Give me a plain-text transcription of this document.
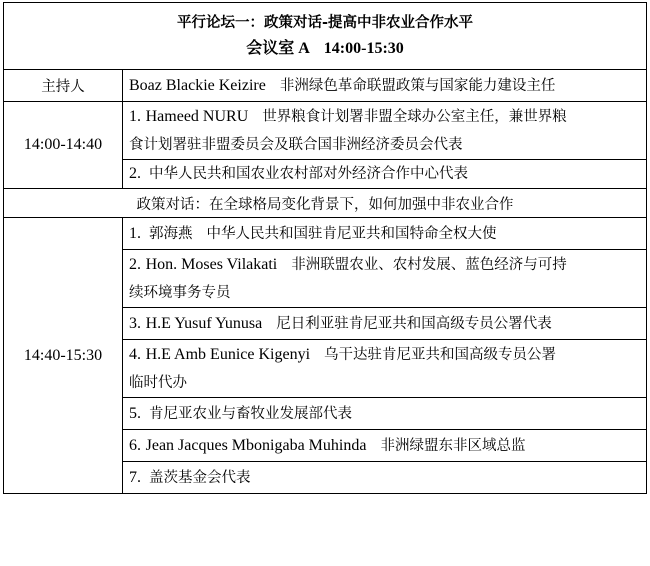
平行论坛一：政策对话-提高中非农业合作水平
会议室 A 14:00-15:30	

主持人	Boaz Blackie Keizire 非洲绿色革命联盟政策与国家能力建设主任
14:00-14:40	1. Hameed NURU 世界粮食计划署非盟全球办公室主任，兼世界粮
食计划署驻非盟委员会及联合国非洲经济委员会代表

	2. 中华人民共和国农业农村部对外经济合作中心代表
政策对话：在全球格局变化背景下，如何加强中非农业合作	
14:40-15:30	1. 郭海燕 中华人民共和国驻肯尼亚共和国特命全权大使

	2. Hon. Moses Vilakati 非洲联盟农业、农村发展、蓝色经济与可持
续环境事务专员

	3. H.E Yusuf Yunusa 尼日利亚驻肯尼亚共和国高级专员公署代表

	4. H.E Amb Eunice Kigenyi 乌干达驻肯尼亚共和国高级专员公署
临时代办

	5. 肯尼亚农业与畜牧业发展部代表
	6. Jean Jacques Mbonigaba Muhinda 非洲绿盟东非区域总监
	7. 盖茨基金会代表
